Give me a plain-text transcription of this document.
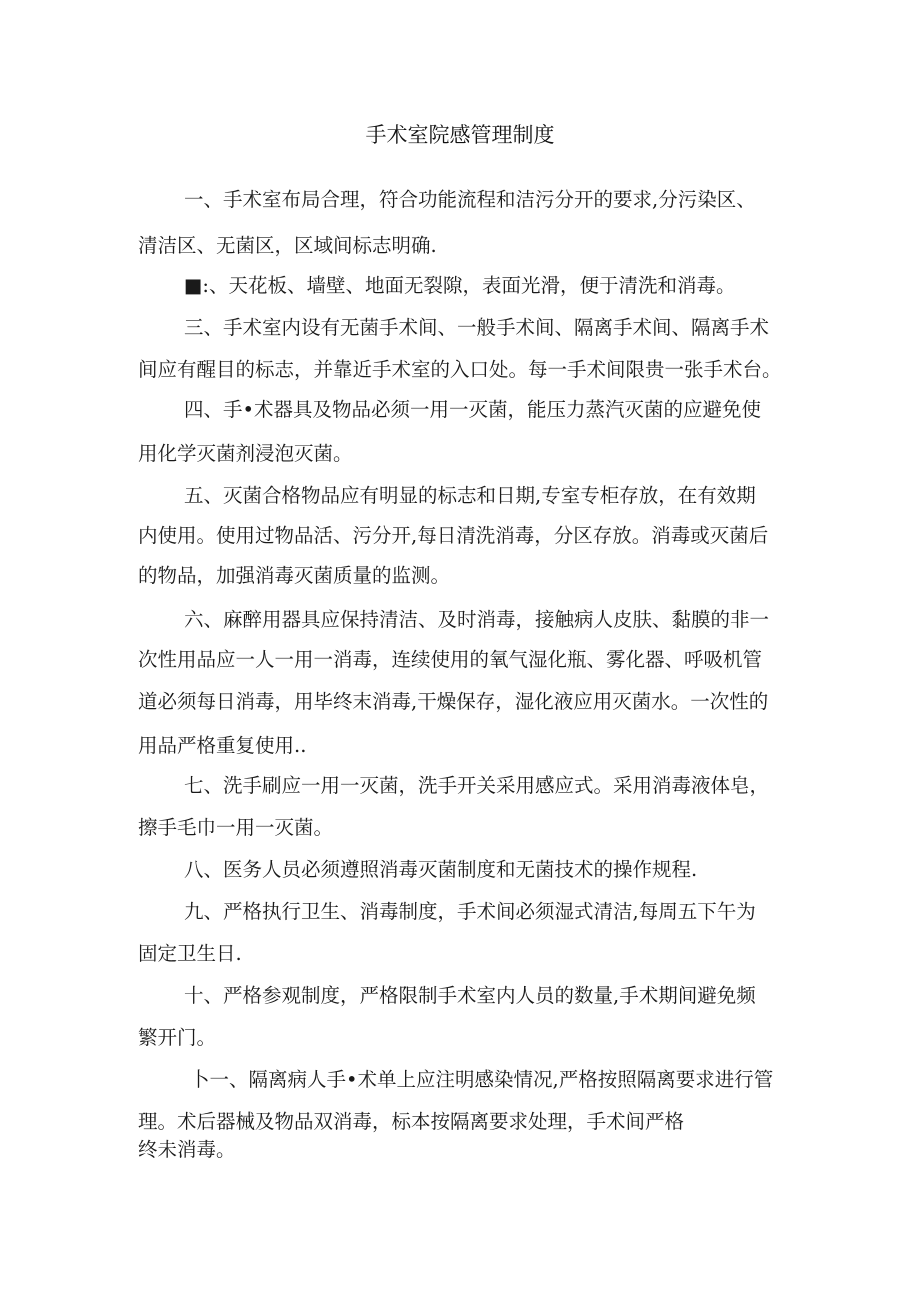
手术室院感管理制度

一、手术室布局合理，符合功能流程和洁污分开的要求,分污染区、

清洁区、无菌区，区域间标志明确.

■:、天花板、墙壁、地面无裂隙，表面光滑，便于清洗和消毒。

三、手术室内设有无菌手术间、一般手术间、隔离手术间、隔离手术

间应有醒目的标志，并靠近手术室的入口处。每一手术间限贵一张手术台。

四、手•术器具及物品必须一用一灭菌，能压力蒸汽灭菌的应避免使

用化学灭菌剂浸泡灭菌。

五、灭菌合格物品应有明显的标志和日期,专室专柜存放，在有效期

内使用。使用过物品活、污分开,每日清洗消毒，分区存放。消毒或灭菌后

的物品，加强消毒灭菌质量的监测。

六、麻醉用器具应保持清洁、及时消毒，接触病人皮肤、黏膜的非一

次性用品应一人一用一消毒，连续使用的氧气湿化瓶、雾化器、呼吸机管

道必须每日消毒，用毕终末消毒,干燥保存，湿化液应用灭菌水。一次性的

用品严格重复使用..

七、洗手刷应一用一灭菌，洗手开关采用感应式。采用消毒液体皂，

擦手毛巾一用一灭菌。

八、医务人员必须遵照消毒灭菌制度和无菌技术的操作规程.

九、严格执行卫生、消毒制度，手术间必须湿式清洁,每周五下午为

固定卫生日.

十、严格参观制度，严格限制手术室内人员的数量,手术期间避免频

繁开门。

卜一、隔离病人手•术单上应注明感染情况,严格按照隔离要求进行管

理。术后器械及物品双消毒，标本按隔离要求处理，手术间严格

终未消毒。
